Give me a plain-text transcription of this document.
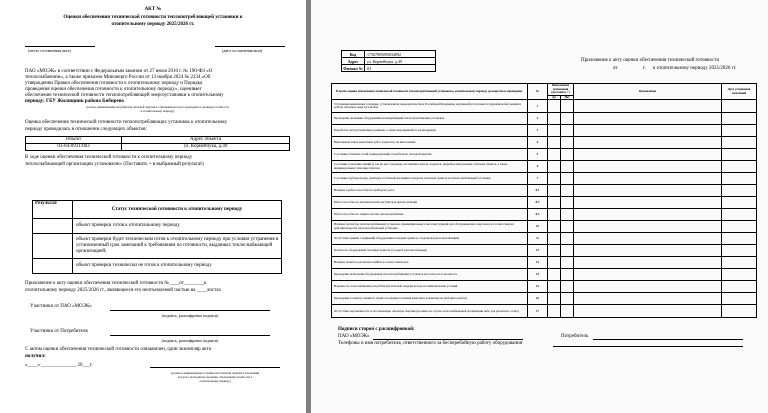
АКТ №
Оценки обеспечения технической готовности теплопотребляющей установки к
отопительному периоду 2025/2026 гг.
(место составления акта)	(дата составления акта)
ПАО «МОЭК» в соответствии с Федеральным законом от 27 июля 2010 г. № 190-ФЗ «О
теплоснабжении», а также приказом Минэнерго России от 13 ноября 2024 № 2234 «Об
утверждении Правил обеспечения готовности к отопительному периоду и Порядка
проведения оценки обеспечения готовности к отопительному периоду», оценивает
обеспечение технической готовности теплопотребляющей энергоустановки к отопительному
периоду: ГБУ Жилищник района Бибирево
(полное наименование потребителя тепловой энергии в отношении которого проводилась проверка готовности
к отопительному периоду)
Оценка обеспечения технической готовности теплопотребляющих установок к отопительному
периоду проводилась в отношении следующих объектов:
Объект	Адрес объекта
03-04-0931/003	ул. Корнейчука, д.49
В ходе оценки обеспечения технической готовности к отопительному периоду
теплоснабжающей организации установлено: (Поставить + в выбранный результат)
Результат	Статус технической готовности к отопительному периоду
	объект проверки готов к отопительному периоду
	объект проверки будет техническим готов к отопительному периоду при условии устранения в установленный срок замечаний к требованиям по готовности, выданных теплоснабжающей организацией;
	объект проверки технически не готов к отопительному периоду
Приложение к акту оценки обеспечения технической готовности №____от________к
отопительному периоду 2025/2026 гг., являющееся его неотъемлемой частью на ____листах
Участники от ПАО «МОЭК»
(подпись, расшифровка подписи)
Участники от Потребителя
(подпись, расшифровка подписи)
С актом оценки обеспечения технической готовности ознакомлен, один экземпляр акта
получил:
«____» ______________ 20___г.
(должное наименование потребителя тепловой энергии в отношении
которого проводилась проверка обеспечения готовности к
отопительному периоду)
Код	17567895095834092
Адрес	ул. Корнейчука, д.49
Филиал №	03
Приложение к акту оценки обеспечения технической готовности
от	г. к отопительному периоду 2025/2026 гг.
В целях оценки обеспечения технической готовности теплопотребляющей установки к отопительному периоду должны быть проверены:	№	Выполнение требования (поставить +)		Примечание	Дата устранения замечаний
		Да	Нет		
Устранение выявленных в порядке, установленном законодательством Российской Федерации, нарушений в тепловых и гидравлических режимах работы тепловых энергоустановок	1				
Проведение промывки оборудования и коммуникаций теплопотребляющих установок	2				
Разработка эксплуатационных режимов, а также мероприятий по их внедрению	3				
Выполнение плана ремонтных работ и качество их выполнения	4				
Состояние тепловых сетей, принадлежащих потребителю тепловой энергии	5				
Состояние утепления зданий (а так же мест чердаков, лестничных клеток, подвалов, дверей) и центральных тепловых пунктов, а также индивидуальных тепловых пунктов	6				
Состояние трубопроводов, арматуры и тепловой изоляции в пределах тепловых пунктов и теплопотребляющей установки	7				
Наличие и работоспособность приборов учета;	8.1				
Работоспособность автоматических регуляторов при их наличии	8.2				
Работоспособность защиты систем теплопотребления	8.3				
Наличие паспортов теплопотребляющих установок, принципиальных схем и инструкций для обслуживающего персонала и соответствие их действительности теплопотребляющей установке	10				
Отсутствие прямых соединений оборудования тепловых пунктов с водопроводом и канализацией	11				
Плотность оборудования тепловых пунктов (сосуды Р и испытательные)	12				
Наличие пломб на расчетных шайбах и соплах элеваторов	13				
Проведение испытания оборудования теплопотребляющих установок на плотность и прочность	14				
Надежность теплоснабжения потребителей тепловой энергии исходя из климатических условий	15				
Проведение за вписку смежного пункта на предмет наличия комплекта и комплексов тепловых пунктов	16				
Отсутствие задолженности за поставленную тепловую энергию (не имеет на случае теплоснабжающей организации либо для расчетного этапа)	17				
Подписи сторон с расшифровкой:
ПАО «МОЭК»	Потребитель
Телефоны и имя потребителя, ответственного за бесперебойную работу оборудования
